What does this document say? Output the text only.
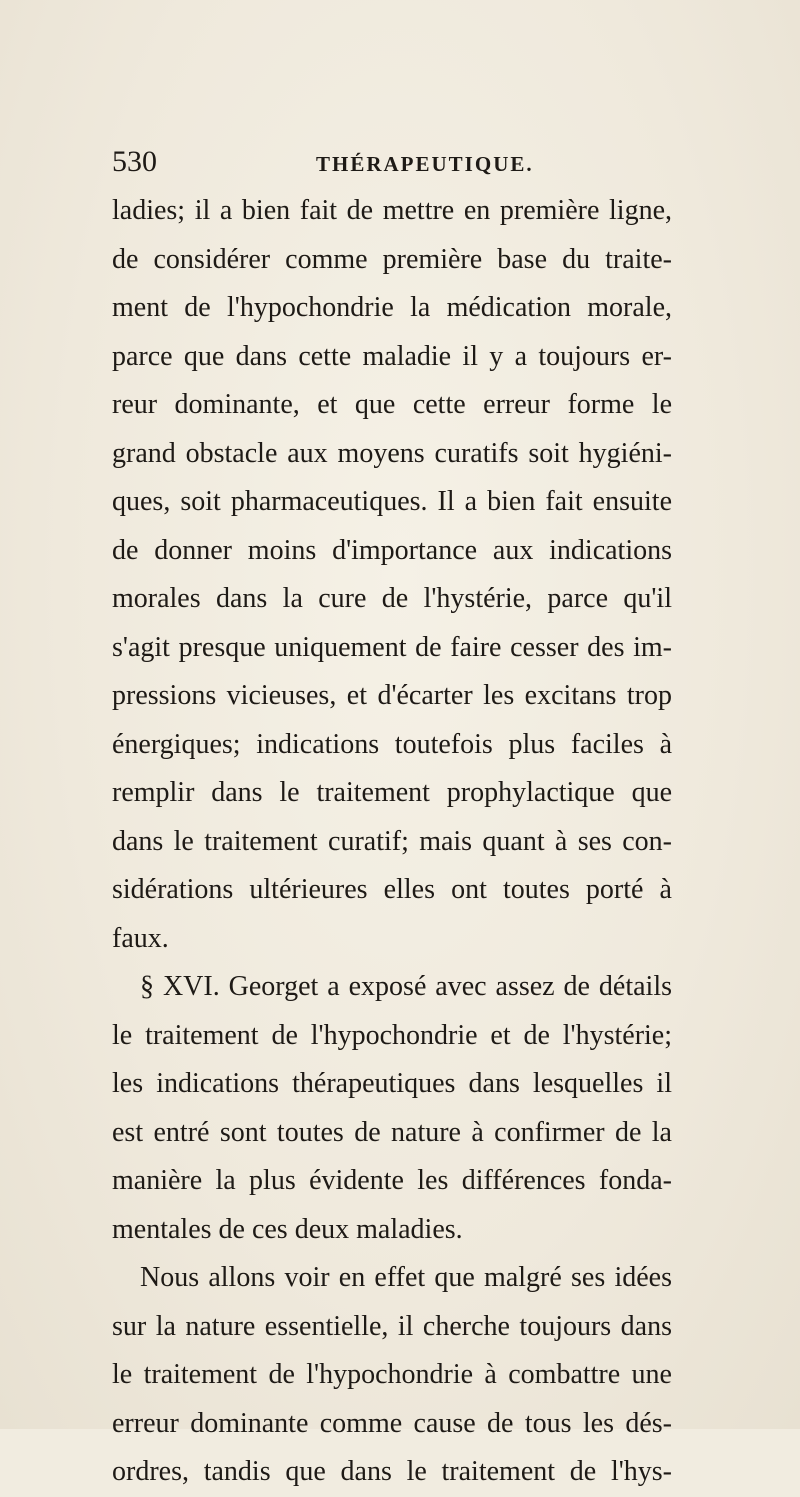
530	THÉRAPEUTIQUE.
ladies; il a bien fait de mettre en première ligne,
de considérer comme première base du traite-
ment de l'hypochondrie la médication morale,
parce que dans cette maladie il y a toujours er-
reur dominante, et que cette erreur forme le
grand obstacle aux moyens curatifs soit hygiéni-
ques, soit pharmaceutiques. Il a bien fait ensuite
de donner moins d'importance aux indications
morales dans la cure de l'hystérie, parce qu'il
s'agit presque uniquement de faire cesser des im-
pressions vicieuses, et d'écarter les excitans trop
énergiques; indications toutefois plus faciles à
remplir dans le traitement prophylactique que
dans le traitement curatif; mais quant à ses con-
sidérations ultérieures elles ont toutes porté à
faux.
§ XVI. Georget a exposé avec assez de détails
le traitement de l'hypochondrie et de l'hystérie;
les indications thérapeutiques dans lesquelles il
est entré sont toutes de nature à confirmer de la
manière la plus évidente les différences fonda-
mentales de ces deux maladies.
Nous allons voir en effet que malgré ses idées
sur la nature essentielle, il cherche toujours dans
le traitement de l'hypochondrie à combattre une
erreur dominante comme cause de tous les dés-
ordres, tandis que dans le traitement de l'hys-
